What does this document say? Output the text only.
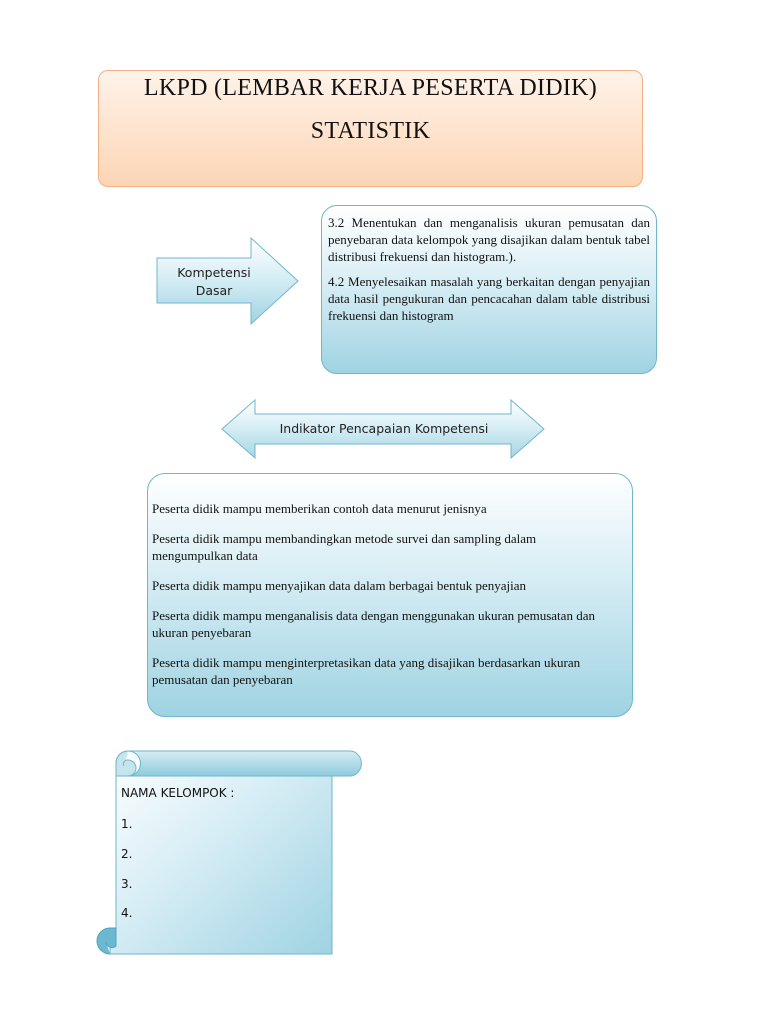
LKPD (LEMBAR KERJA PESERTA DIDIK)
STATISTIK
Kompetensi
Dasar

3.2 Menentukan dan menganalisis ukuran pemusatan dan penyebaran data kelompok yang disajikan dalam bentuk tabel distribusi frekuensi dan histogram.).

4.2 Menyelesaikan masalah yang berkaitan dengan penyajian data hasil pengukuran dan pencacahan dalam table distribusi frekuensi dan histogram

Indikator Pencapaian Kompetensi

Peserta didik mampu memberikan contoh data menurut jenisnya

Peserta didik mampu membandingkan metode survei dan sampling dalam mengumpulkan data

Peserta didik mampu menyajikan data dalam berbagai bentuk penyajian

Peserta didik mampu menganalisis data dengan menggunakan ukuran pemusatan dan ukuran penyebaran

Peserta didik mampu menginterpretasikan data yang disajikan berdasarkan ukuran pemusatan dan penyebaran

NAMA KELOMPOK :
1.
2.
3.
4.
